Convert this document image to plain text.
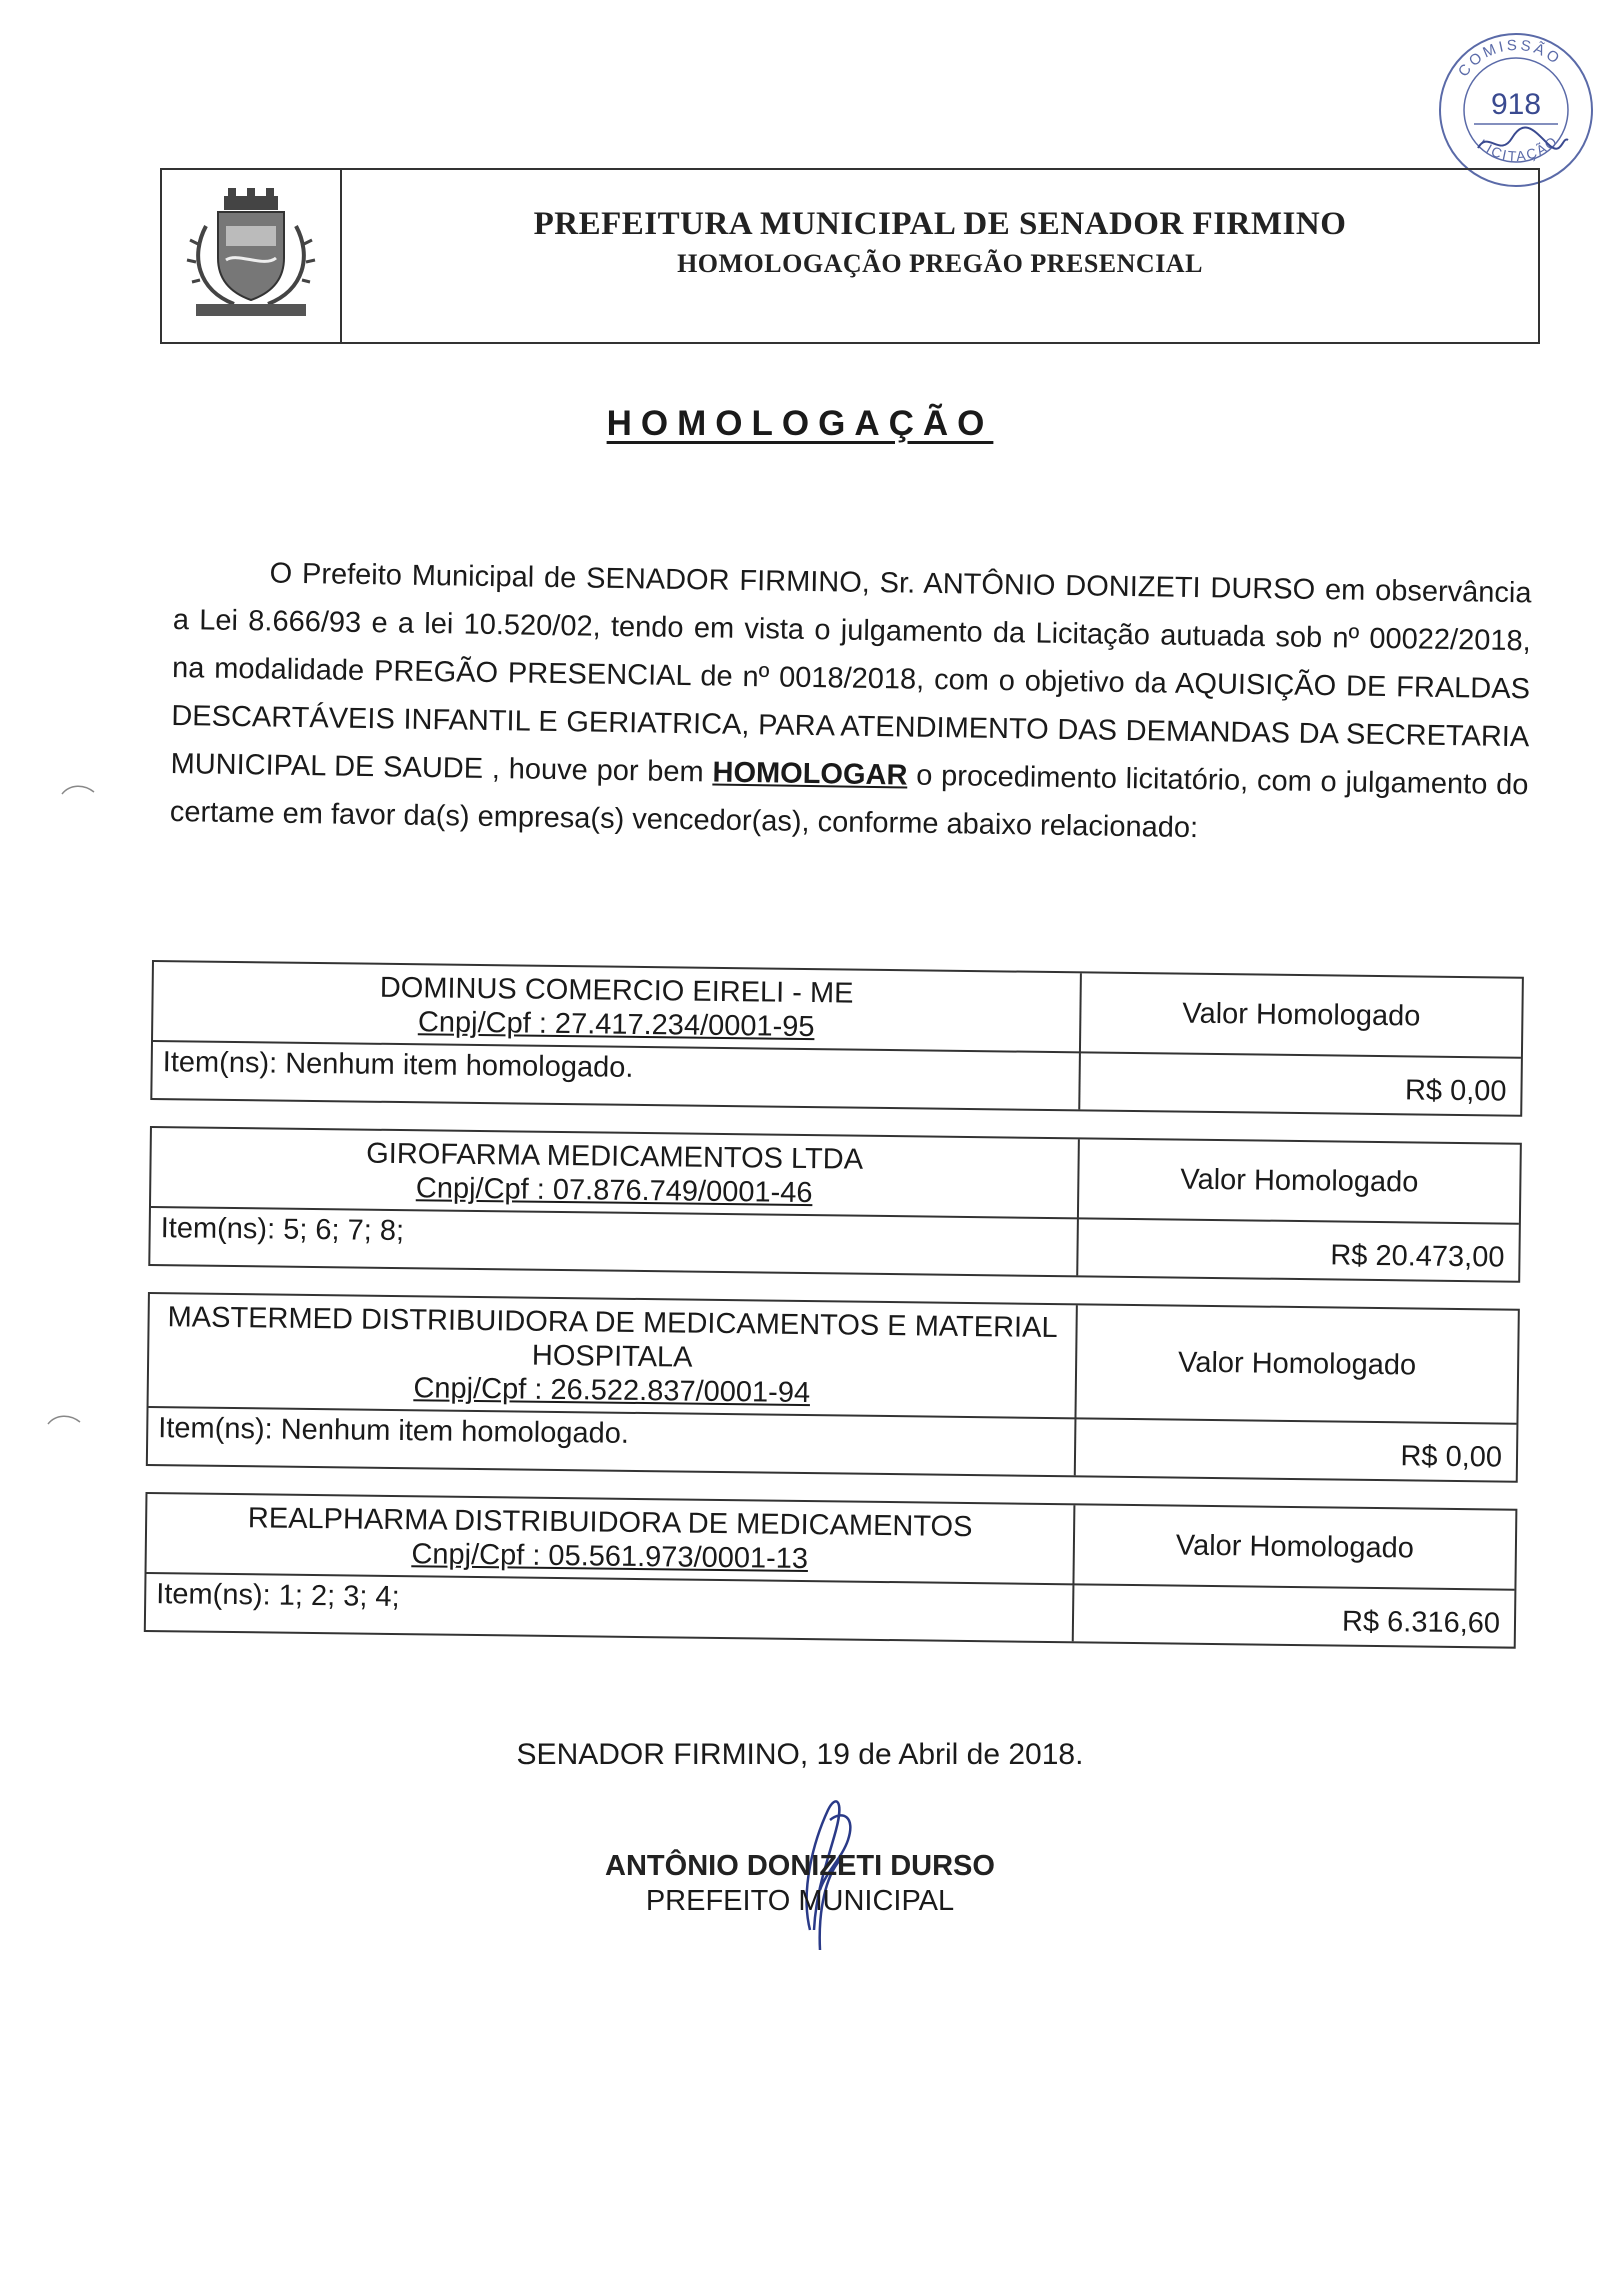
COMISSÃO
LICITAÇÃO
918
PREFEITURA MUNICIPAL DE SENADOR FIRMINO
HOMOLOGAÇÃO PREGÃO PRESENCIAL
HOMOLOGAÇÃO

O Prefeito Municipal de SENADOR FIRMINO, Sr. ANTÔNIO DONIZETI DURSO em observância a Lei 8.666/93 e a lei 10.520/02, tendo em vista o julgamento da Licitação autuada sob nº 00022/2018, na modalidade PREGÃO PRESENCIAL de nº 0018/2018, com o objetivo da AQUISIÇÃO DE FRALDAS DESCARTÁVEIS INFANTIL E GERIATRICA, PARA ATENDIMENTO DAS DEMANDAS DA SECRETARIA MUNICIPAL DE SAUDE , houve por bem HOMOLOGAR o procedimento licitatório, com o julgamento do certame em favor da(s) empresa(s) vencedor(as), conforme abaixo relacionado:

DOMINUS COMERCIO EIRELI - ME
Cnpj/Cpf : 27.417.234/0001-95	Valor Homologado
Item(ns): Nenhum item homologado.
R$ 0,00
GIROFARMA MEDICAMENTOS LTDA
Cnpj/Cpf : 07.876.749/0001-46	Valor Homologado
Item(ns): 5; 6; 7; 8;
R$ 20.473,00
MASTERMED DISTRIBUIDORA DE MEDICAMENTOS E MATERIAL HOSPITALA
Cnpj/Cpf : 26.522.837/0001-94
Valor Homologado
Item(ns): Nenhum item homologado.
R$ 0,00
REALPHARMA DISTRIBUIDORA DE MEDICAMENTOS
Cnpj/Cpf : 05.561.973/0001-13	Valor Homologado
Item(ns): 1; 2; 3; 4;
R$ 6.316,60
SENADOR FIRMINO, 19 de Abril de 2018.
ANTÔNIO DONIZETI DURSO
PREFEITO MUNICIPAL
